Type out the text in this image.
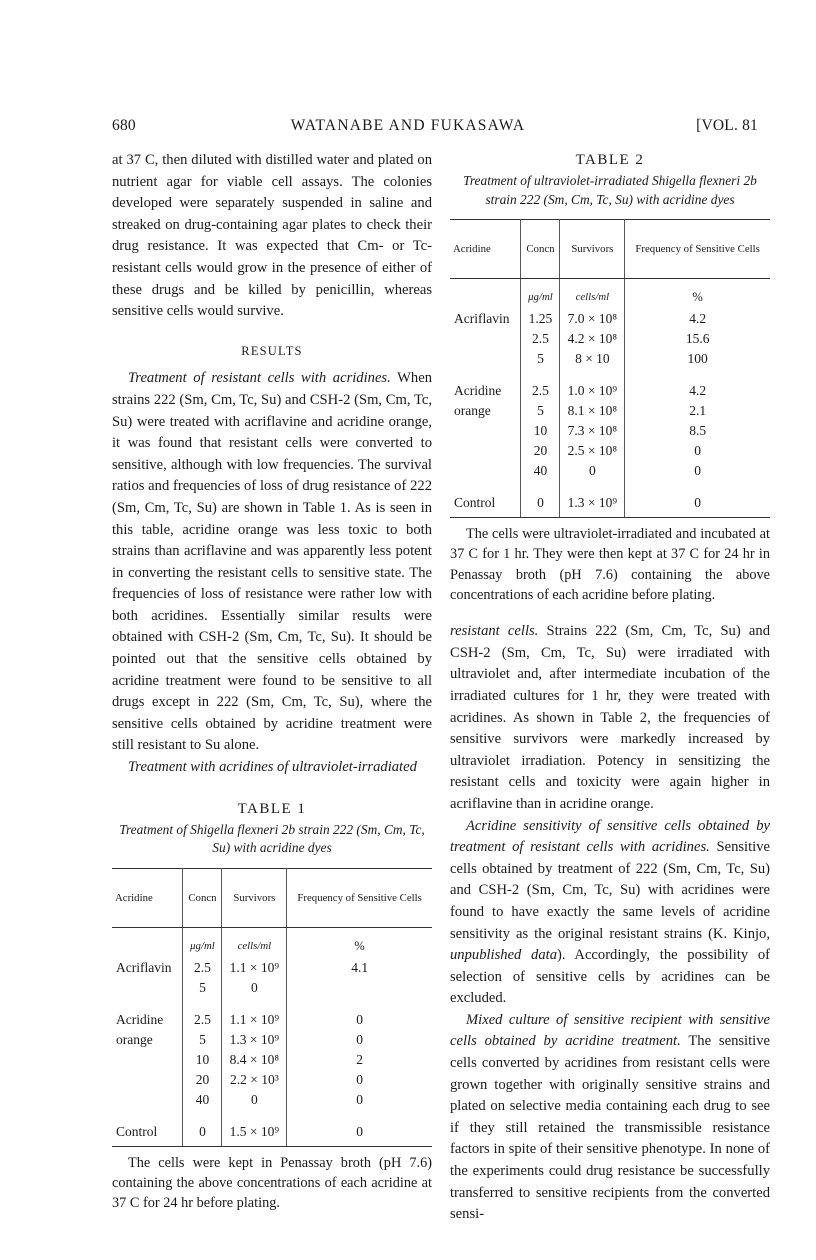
680	WATANABE AND FUKASAWA	[VOL. 81

at 37 C, then diluted with distilled water and plated on nutrient agar for viable cell assays. The colonies developed were separately suspended in saline and streaked on drug-containing agar plates to check their drug resistance. It was expected that Cm- or Tc-resistant cells would grow in the presence of either of these drugs and be killed by penicillin, whereas sensitive cells would survive.

RESULTS

Treatment of resistant cells with acridines. When strains 222 (Sm, Cm, Tc, Su) and CSH-2 (Sm, Cm, Tc, Su) were treated with acriflavine and acridine orange, it was found that resistant cells were converted to sensitive, although with low frequencies. The survival ratios and frequencies of loss of drug resistance of 222 (Sm, Cm, Tc, Su) are shown in Table 1. As is seen in this table, acridine orange was less toxic to both strains than acriflavine and was apparently less potent in converting the resistant cells to sensitive state. The frequencies of loss of resistance were rather low with both acridines. Essentially similar results were obtained with CSH-2 (Sm, Cm, Tc, Su). It should be pointed out that the sensitive cells obtained by acridine treatment were found to be sensitive to all drugs except in 222 (Sm, Cm, Tc, Su), where the sensitive cells obtained by acridine treatment were still resistant to Su alone.

Treatment with acridines of ultraviolet-irradiated

TABLE 1
Treatment of Shigella flexneri 2b strain 222 (Sm, Cm, Tc, Su) with acridine dyes
Acridine	Concn	Survivors	Frequency of Sensitive Cells
	μg/ml	cells/ml	%
Acriflavin	2.5	1.1 × 10⁹	4.1
	5	0	

Acridine	2.5	1.1 × 10⁹	0
orange	5	1.3 × 10⁹	0
	10	8.4 × 10⁸	2
	20	2.2 × 10³	0
	40	0	0

Control	0	1.5 × 10⁹	0

The cells were kept in Penassay broth (pH 7.6) containing the above concentrations of each acridine at 37 C for 24 hr before plating.

TABLE 2
Treatment of ultraviolet-irradiated Shigella flexneri 2b strain 222 (Sm, Cm, Tc, Su) with acridine dyes
Acridine	Concn	Survivors	Frequency of Sensitive Cells
	μg/ml	cells/ml	%
Acriflavin	1.25	7.0 × 10⁸	4.2
	2.5	4.2 × 10⁸	15.6
	5	8 × 10	100

Acridine	2.5	1.0 × 10⁹	4.2
orange	5	8.1 × 10⁸	2.1
	10	7.3 × 10⁸	8.5
	20	2.5 × 10⁸	0
	40	0	0

Control	0	1.3 × 10⁹	0

The cells were ultraviolet-irradiated and incubated at 37 C for 1 hr. They were then kept at 37 C for 24 hr in Penassay broth (pH 7.6) containing the above concentrations of each acridine before plating.

resistant cells. Strains 222 (Sm, Cm, Tc, Su) and CSH-2 (Sm, Cm, Tc, Su) were irradiated with ultraviolet and, after intermediate incubation of the irradiated cultures for 1 hr, they were treated with acridines. As shown in Table 2, the frequencies of sensitive survivors were markedly increased by ultraviolet irradiation. Potency in sensitizing the resistant cells and toxicity were again higher in acriflavine than in acridine orange.

Acridine sensitivity of sensitive cells obtained by treatment of resistant cells with acridines. Sensitive cells obtained by treatment of 222 (Sm, Cm, Tc, Su) and CSH-2 (Sm, Cm, Tc, Su) with acridines were found to have exactly the same levels of acridine sensitivity as the original resistant strains (K. Kinjo, unpublished data). Accordingly, the possibility of selection of sensitive cells by acridines can be excluded.

Mixed culture of sensitive recipient with sensitive cells obtained by acridine treatment. The sensitive cells converted by acridines from resistant cells were grown together with originally sensitive strains and plated on selective media containing each drug to see if they still retained the transmissible resistance factors in spite of their sensitive phenotype. In none of the experiments could drug resistance be successfully transferred to sensitive recipients from the converted sensi-
